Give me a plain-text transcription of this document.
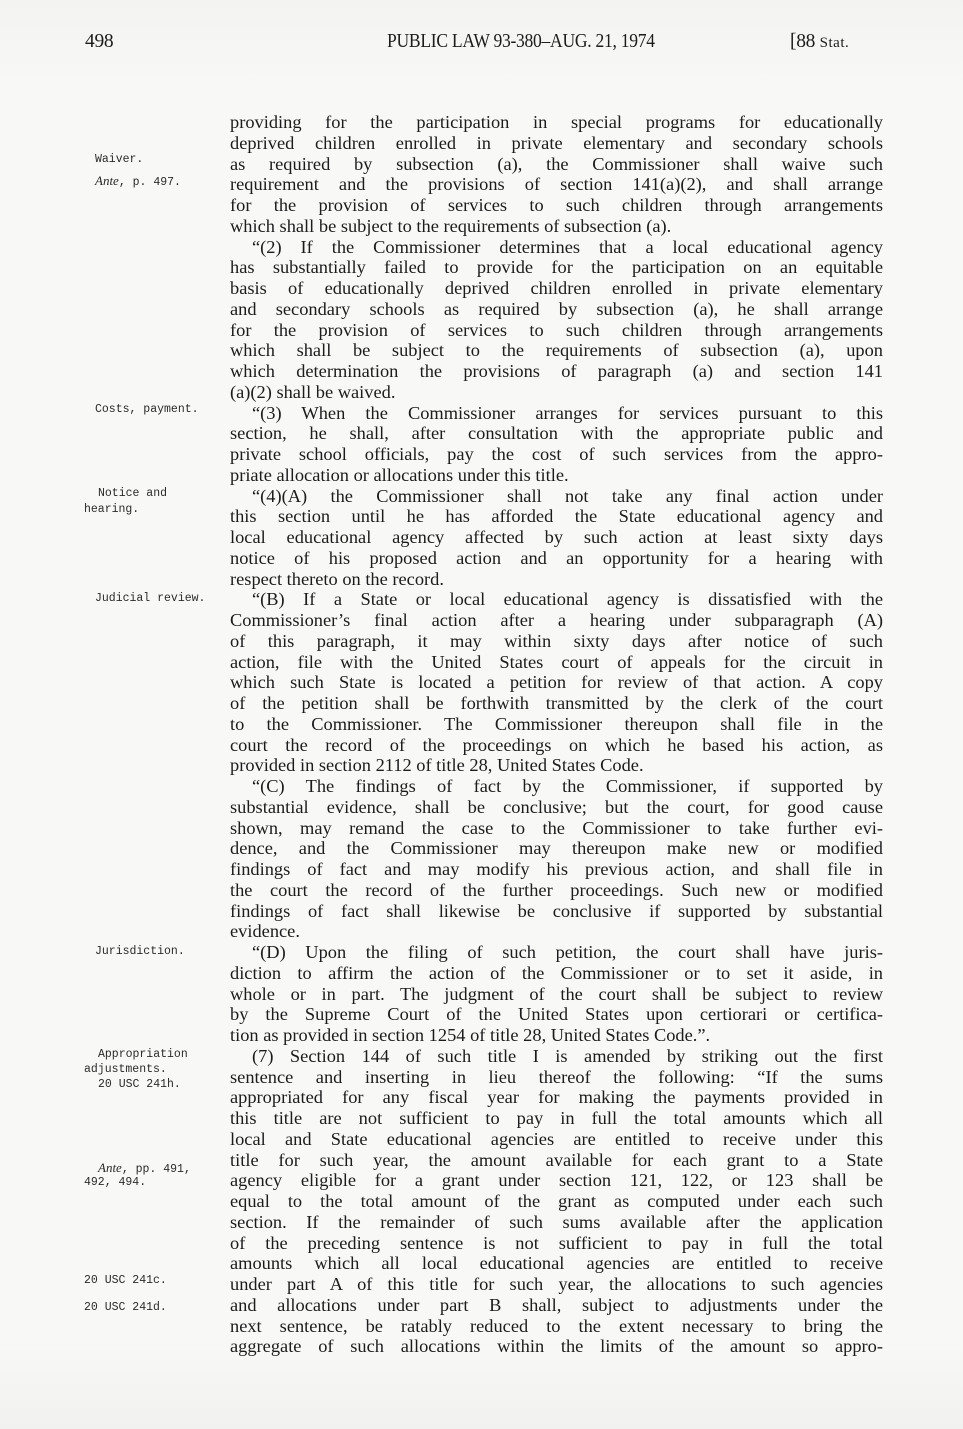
498	PUBLIC LAW 93-380–AUG. 21, 1974	[88 Stat.
Waiver.
Ante, p. 497.
Costs, payment.
Notice and
hearing.
Judicial review.
Jurisdiction.
Appropriation
adjustments.
20 USC 241h.
Ante, pp. 491,
492, 494.
20 USC 241c.
20 USC 241d.
providing for the participation in special programs for educationally
deprived children enrolled in private elementary and secondary schools
as required by subsection (a), the Commissioner shall waive such
requirement and the provisions of section 141(a)(2), and shall arrange
for the provision of services to such children through arrangements
which shall be subject to the requirements of subsection (a).
“(2) If the Commissioner determines that a local educational agency
has substantially failed to provide for the participation on an equitable
basis of educationally deprived children enrolled in private elementary
and secondary schools as required by subsection (a), he shall arrange
for the provision of services to such children through arrangements
which shall be subject to the requirements of subsection (a), upon
which determination the provisions of paragraph (a) and section 141
(a)(2) shall be waived.
“(3) When the Commissioner arranges for services pursuant to this
section, he shall, after consultation with the appropriate public and
private school officials, pay the cost of such services from the appro-
priate allocation or allocations under this title.
“(4)(A) the Commissioner shall not take any final action under
this section until he has afforded the State educational agency and
local educational agency affected by such action at least sixty days
notice of his proposed action and an opportunity for a hearing with
respect thereto on the record.
“(B) If a State or local educational agency is dissatisfied with the
Commissioner’s final action after a hearing under subparagraph (A)
of this paragraph, it may within sixty days after notice of such
action, file with the United States court of appeals for the circuit in
which such State is located a petition for review of that action. A copy
of the petition shall be forthwith transmitted by the clerk of the court
to the Commissioner. The Commissioner thereupon shall file in the
court the record of the proceedings on which he based his action, as
provided in section 2112 of title 28, United States Code.
“(C) The findings of fact by the Commissioner, if supported by
substantial evidence, shall be conclusive; but the court, for good cause
shown, may remand the case to the Commissioner to take further evi-
dence, and the Commissioner may thereupon make new or modified
findings of fact and may modify his previous action, and shall file in
the court the record of the further proceedings. Such new or modified
findings of fact shall likewise be conclusive if supported by substantial
evidence.
“(D) Upon the filing of such petition, the court shall have juris-
diction to affirm the action of the Commissioner or to set it aside, in
whole or in part. The judgment of the court shall be subject to review
by the Supreme Court of the United States upon certiorari or certifica-
tion as provided in section 1254 of title 28, United States Code.”.
(7) Section 144 of such title I is amended by striking out the first
sentence and inserting in lieu thereof the following: “If the sums
appropriated for any fiscal year for making the payments provided in
this title are not sufficient to pay in full the total amounts which all
local and State educational agencies are entitled to receive under this
title for such year, the amount available for each grant to a State
agency eligible for a grant under section 121, 122, or 123 shall be
equal to the total amount of the grant as computed under each such
section. If the remainder of such sums available after the application
of the preceding sentence is not sufficient to pay in full the total
amounts which all local educational agencies are entitled to receive
under part A of this title for such year, the allocations to such agencies
and allocations under part B shall, subject to adjustments under the
next sentence, be ratably reduced to the extent necessary to bring the
aggregate of such allocations within the limits of the amount so appro-
